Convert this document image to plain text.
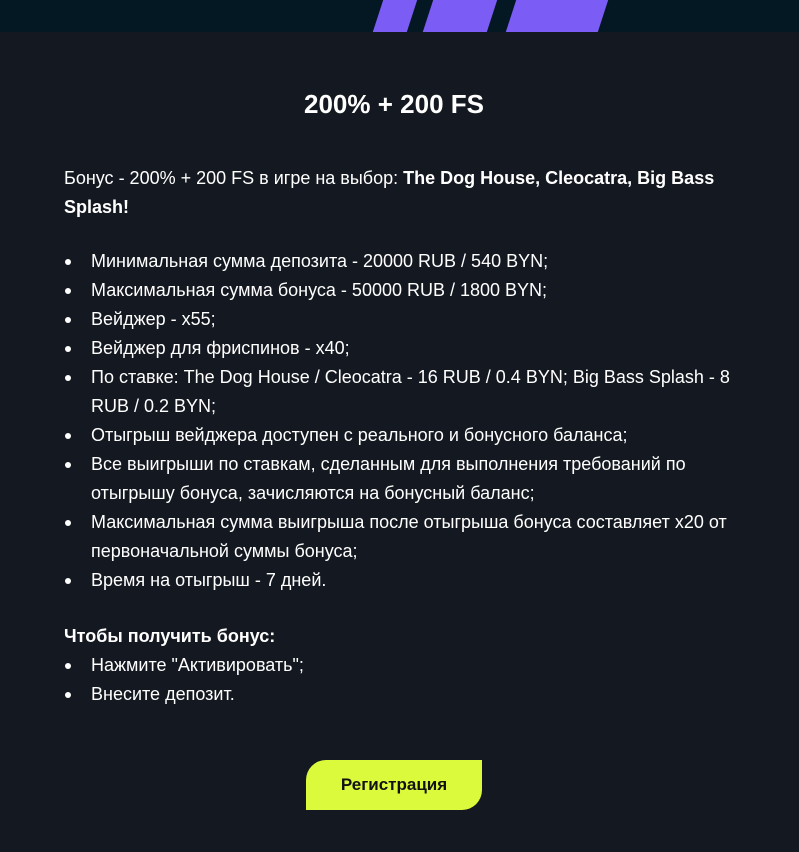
200% + 200 FS

Бонус - 200% + 200 FS в игре на выбор: The Dog House, Cleocatra, Big Bass Splash!

Минимальная сумма депозита - 20000 RUB / 540 BYN;
Максимальная сумма бонуса - 50000 RUB / 1800 BYN;
Вейджер - x55;
Вейджер для фриспинов - x40;
По ставке: The Dog House / Cleocatra - 16 RUB / 0.4 BYN; Big Bass Splash - 8 RUB / 0.2 BYN;
Отыгрыш вейджера доступен с реального и бонусного баланса;
Все выигрыши по ставкам, сделанным для выполнения требований по отыгрышу бонуса, зачисляются на бонусный баланс;
Максимальная сумма выигрыша после отыгрыша бонуса составляет x20 от первоначальной суммы бонуса;
Время на отыгрыш - 7 дней.
Чтобы получить бонус:
Нажмите "Активировать";
Внесите депозит.
Регистрация
